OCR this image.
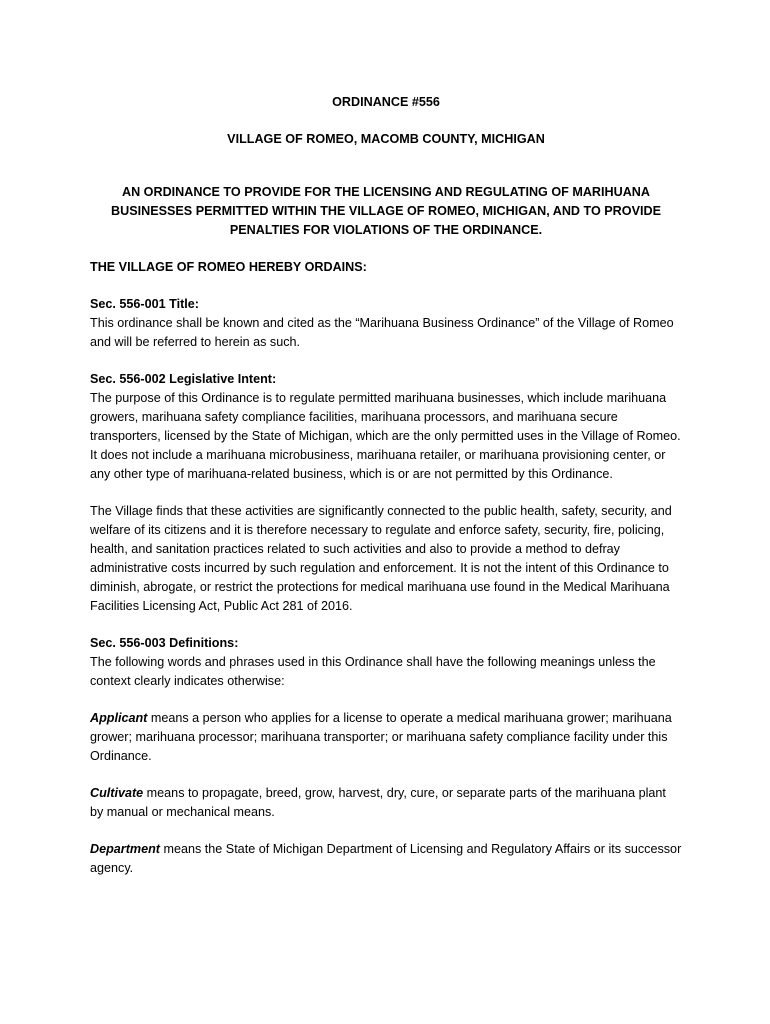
ORDINANCE #556

VILLAGE OF ROMEO, MACOMB COUNTY, MICHIGAN

AN ORDINANCE TO PROVIDE FOR THE LICENSING AND REGULATING OF MARIHUANA BUSINESSES PERMITTED WITHIN THE VILLAGE OF ROMEO, MICHIGAN, AND TO PROVIDE PENALTIES FOR VIOLATIONS OF THE ORDINANCE.

THE VILLAGE OF ROMEO HEREBY ORDAINS:

Sec. 556-001 Title:

This ordinance shall be known and cited as the “Marihuana Business Ordinance” of the Village of Romeo and will be referred to herein as such.

Sec. 556-002 Legislative Intent:

The purpose of this Ordinance is to regulate permitted marihuana businesses, which include marihuana growers, marihuana safety compliance facilities, marihuana processors, and marihuana secure transporters, licensed by the State of Michigan, which are the only permitted uses in the Village of Romeo. It does not include a marihuana microbusiness, marihuana retailer, or marihuana provisioning center, or any other type of marihuana-related business, which is or are not permitted by this Ordinance.

The Village finds that these activities are significantly connected to the public health, safety, security, and welfare of its citizens and it is therefore necessary to regulate and enforce safety, security, fire, policing, health, and sanitation practices related to such activities and also to provide a method to defray administrative costs incurred by such regulation and enforcement. It is not the intent of this Ordinance to diminish, abrogate, or restrict the protections for medical marihuana use found in the Medical Marihuana Facilities Licensing Act, Public Act 281 of 2016.

Sec. 556-003 Definitions:

The following words and phrases used in this Ordinance shall have the following meanings unless the context clearly indicates otherwise:

Applicant means a person who applies for a license to operate a medical marihuana grower; marihuana grower; marihuana processor; marihuana transporter; or marihuana safety compliance facility under this Ordinance.

Cultivate means to propagate, breed, grow, harvest, dry, cure, or separate parts of the marihuana plant by manual or mechanical means.

Department means the State of Michigan Department of Licensing and Regulatory Affairs or its successor agency.
